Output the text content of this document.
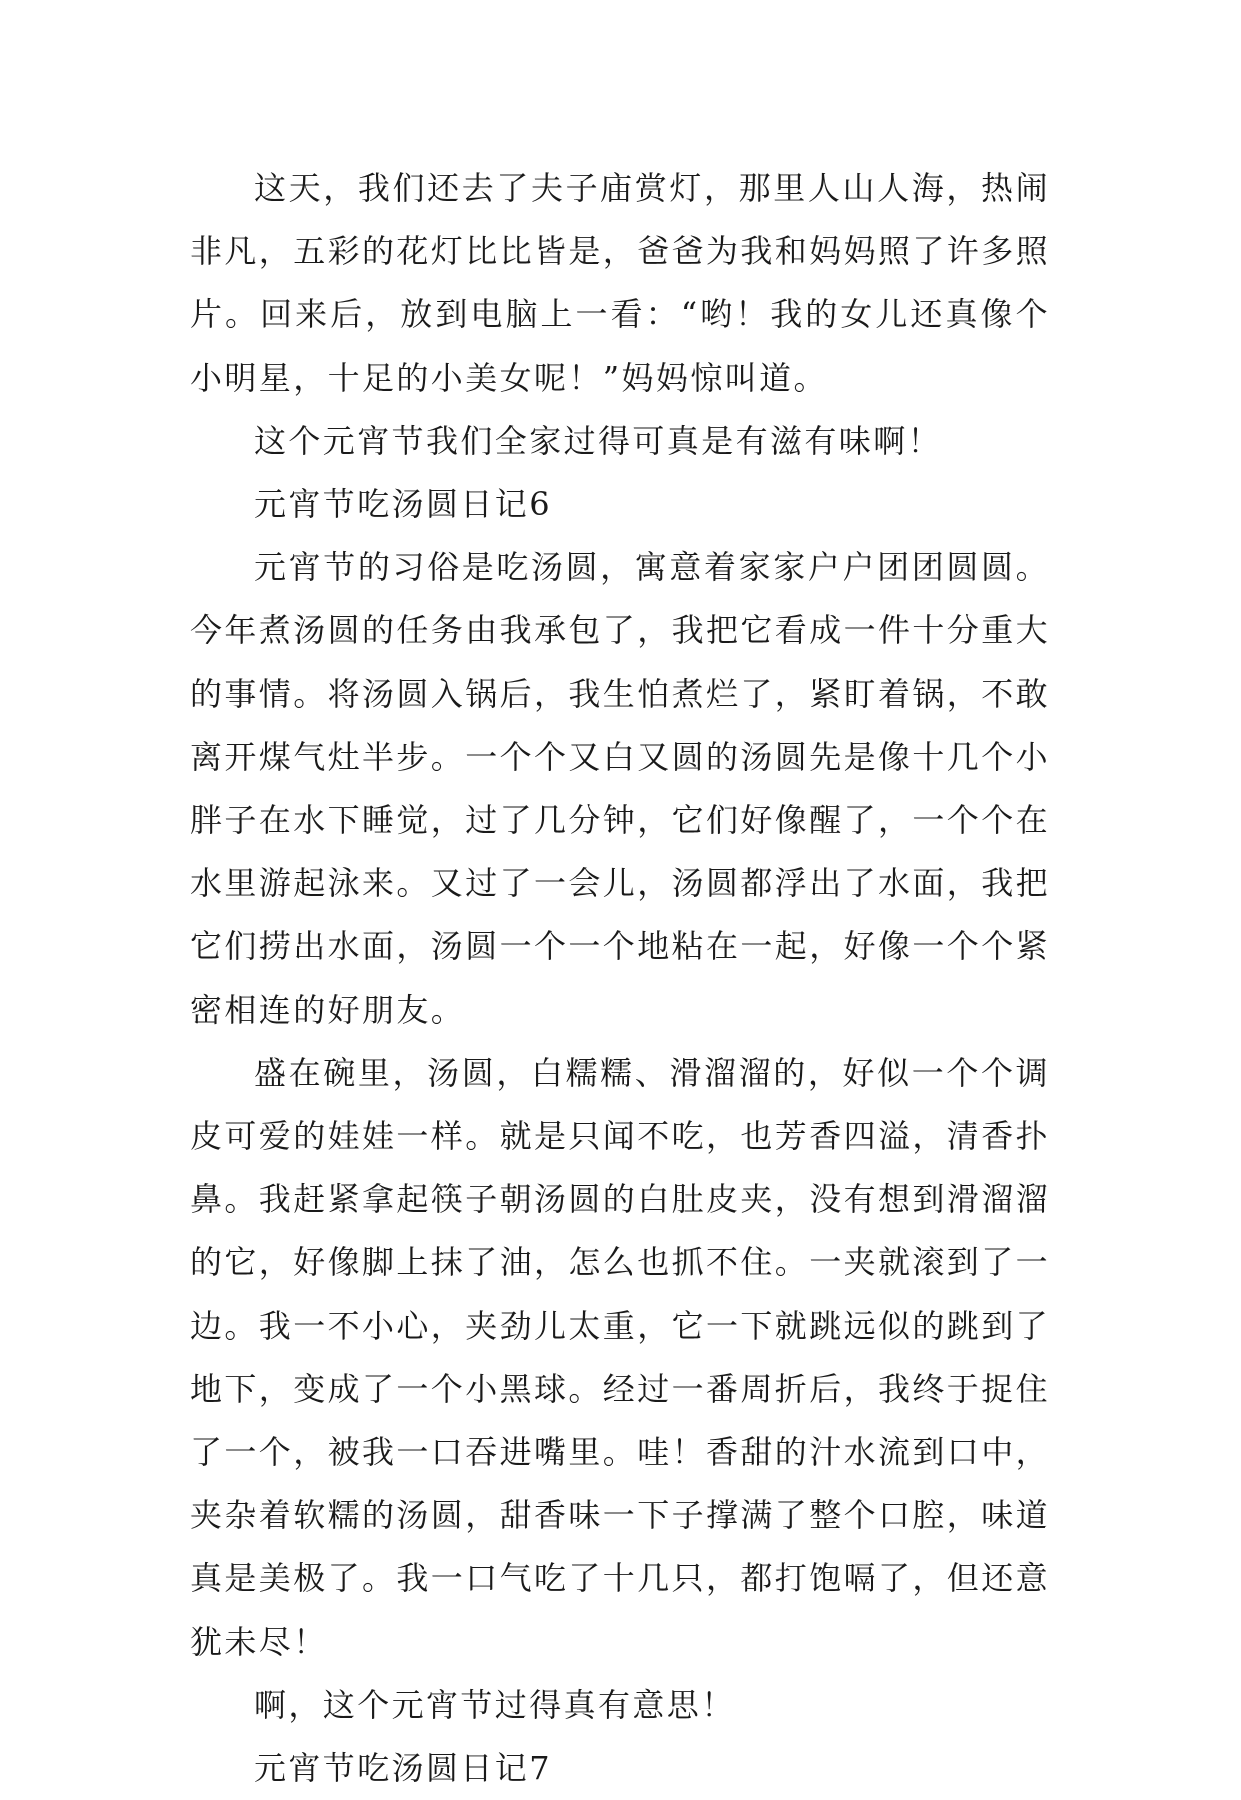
这天，我们还去了夫子庙赏灯，那里人山人海，热闹非凡，五彩的花灯比比皆是，爸爸为我和妈妈照了许多照片。回来后，放到电脑上一看：“哟！我的女儿还真像个小明星，十足的小美女呢！”妈妈惊叫道。

这个元宵节我们全家过得可真是有滋有味啊！

元宵节吃汤圆日记6

元宵节的习俗是吃汤圆，寓意着家家户户团团圆圆。今年煮汤圆的任务由我承包了，我把它看成一件十分重大的事情。将汤圆入锅后，我生怕煮烂了，紧盯着锅，不敢离开煤气灶半步。一个个又白又圆的汤圆先是像十几个小胖子在水下睡觉，过了几分钟，它们好像醒了，一个个在水里游起泳来。又过了一会儿，汤圆都浮出了水面，我把它们捞出水面，汤圆一个一个地粘在一起，好像一个个紧密相连的好朋友。

盛在碗里，汤圆，白糯糯、滑溜溜的，好似一个个调皮可爱的娃娃一样。就是只闻不吃，也芳香四溢，清香扑鼻。我赶紧拿起筷子朝汤圆的白肚皮夹，没有想到滑溜溜的它，好像脚上抹了油，怎么也抓不住。一夹就滚到了一边。我一不小心，夹劲儿太重，它一下就跳远似的跳到了地下，变成了一个小黑球。经过一番周折后，我终于捉住了一个，被我一口吞进嘴里。哇！香甜的汁水流到口中，夹杂着软糯的汤圆，甜香味一下子撑满了整个口腔，味道真是美极了。我一口气吃了十几只，都打饱嗝了，但还意犹未尽！

啊，这个元宵节过得真有意思！

元宵节吃汤圆日记7
